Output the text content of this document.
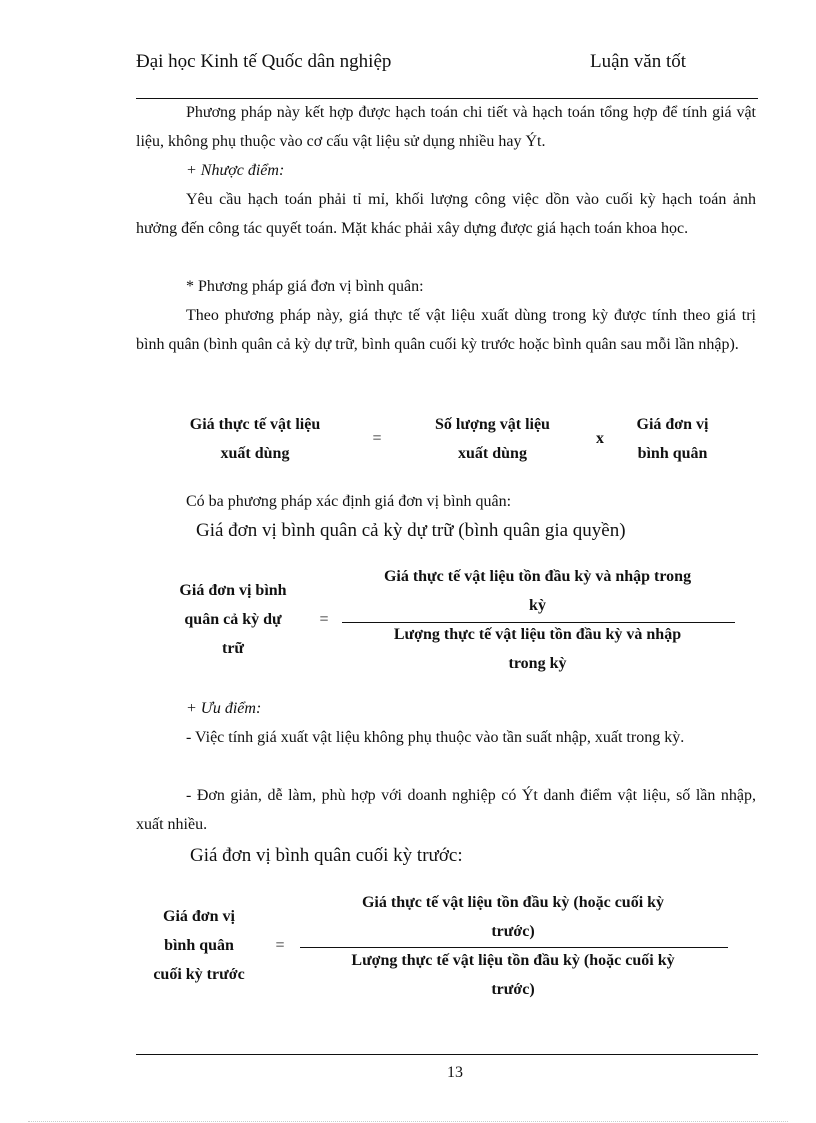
Đại học Kinh tế Quốc dân nghiệp	Luận văn tốt
Phương pháp này kết hợp được hạch toán chi tiết và hạch toán tổng hợp để tính giá vật liệu, không phụ thuộc vào cơ cấu vật liệu sử dụng nhiều hay Ýt.
+ Nhược điểm:
Yêu cầu hạch toán phải tỉ mỉ, khối lượng công việc dồn vào cuối kỳ hạch toán ảnh hưởng đến công tác quyết toán. Mặt khác phải xây dựng được giá hạch toán khoa học.
* Phương pháp giá đơn vị bình quân:
Theo phương pháp này, giá thực tế vật liệu xuất dùng trong kỳ được tính theo giá trị bình quân (bình quân cả kỳ dự trữ, bình quân cuối kỳ trước hoặc bình quân sau mỗi lần nhập).
Giá thực tế vật liệu
xuất dùng
=
Số lượng vật liệu
xuất dùng
x
Giá đơn vị
bình quân
Có ba phương pháp xác định giá đơn vị bình quân:
Giá đơn vị bình quân cả kỳ dự trữ (bình quân gia quyền)
Giá đơn vị bình
quân cả kỳ dự
trữ
=
Giá thực tế vật liệu tồn đầu kỳ và nhập trong
kỳ
Lượng thực tế vật liệu tồn đầu kỳ và nhập
trong kỳ
+ Ưu điểm:
- Việc tính giá xuất vật liệu không phụ thuộc vào tần suất nhập, xuất trong kỳ.
- Đơn giản, dễ làm, phù hợp với doanh nghiệp có Ýt danh điểm vật liệu, số lần nhập, xuất nhiều.
Giá đơn vị bình quân cuối kỳ trước:
Giá đơn vị
bình quân
cuối kỳ trước
=
Giá thực tế vật liệu tồn đầu kỳ (hoặc cuối kỳ
trước)
Lượng thực tế vật liệu tồn đầu kỳ (hoặc cuối kỳ
trước)
13
